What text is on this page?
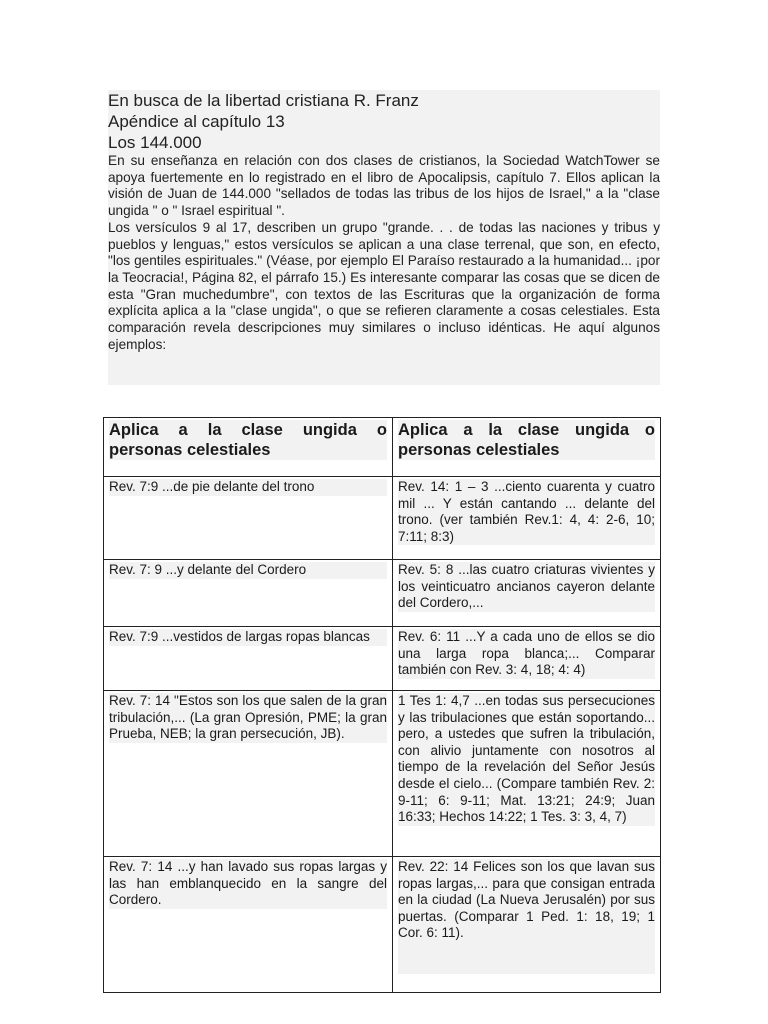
En busca de la libertad cristiana R. Franz
Apéndice al capítulo 13
Los 144.000
En su enseñanza en relación con dos clases de cristianos, la Sociedad WatchTower se apoya fuertemente en lo registrado en el libro de Apocalipsis, capítulo 7. Ellos aplican la visión de Juan de 144.000 "sellados de todas las tribus de los hijos de Israel," a la "clase ungida " o " Israel espiritual ".
Los versículos 9 al 17, describen un grupo "grande. . . de todas las naciones y tribus y pueblos y lenguas," estos versículos se aplican a una clase terrenal, que son, en efecto, "los gentiles espirituales." (Véase, por ejemplo El Paraíso restaurado a la humanidad... ¡por la Teocracia!, Página 82, el párrafo 15.) Es interesante comparar las cosas que se dicen de esta "Gran muchedumbre", con textos de las Escrituras que la organización de forma explícita aplica a la "clase ungida", o que se refieren claramente a cosas celestiales. Esta comparación revela descripciones muy similares o incluso idénticas. He aquí algunos ejemplos:
Aplica a la clase ungida o personas celestiales	Aplica a la clase ungida o personas celestiales

Rev. 7:9 ...de pie delante del trono	Rev. 14: 1 – 3 ...ciento cuarenta y cuatro mil ... Y están cantando ... delante del trono. (ver también Rev.1: 4, 4: 2-6, 10; 7:11; 8:3)

Rev. 7: 9 ...y delante del Cordero	Rev. 5: 8 ...las cuatro criaturas vivientes y los veinticuatro ancianos cayeron delante del Cordero,...

Rev. 7:9 ...vestidos de largas ropas blancas	Rev. 6: 11 ...Y a cada uno de ellos se dio una larga ropa blanca;... Comparar también con Rev. 3: 4, 18; 4: 4)

Rev. 7: 14 "Estos son los que salen de la gran tribulación,... (La gran Opresión, PME; la gran Prueba, NEB; la gran persecución, JB).	1 Tes 1: 4,7 ...en todas sus persecuciones y las tribulaciones que están soportando... pero, a ustedes que sufren la tribulación, con alivio juntamente con nosotros al tiempo de la revelación del Señor Jesús desde el cielo... (Compare también Rev. 2: 9-11; 6: 9-11; Mat. 13:21; 24:9; Juan 16:33; Hechos 14:22; 1 Tes. 3: 3, 4, 7)

Rev. 7: 14 ...y han lavado sus ropas largas y las han emblanquecido en la sangre del Cordero.	Rev. 22: 14 Felices son los que lavan sus ropas largas,... para que consigan entrada en la ciudad (La Nueva Jerusalén) por sus puertas. (Comparar 1 Ped. 1: 18, 19; 1 Cor. 6: 11).
